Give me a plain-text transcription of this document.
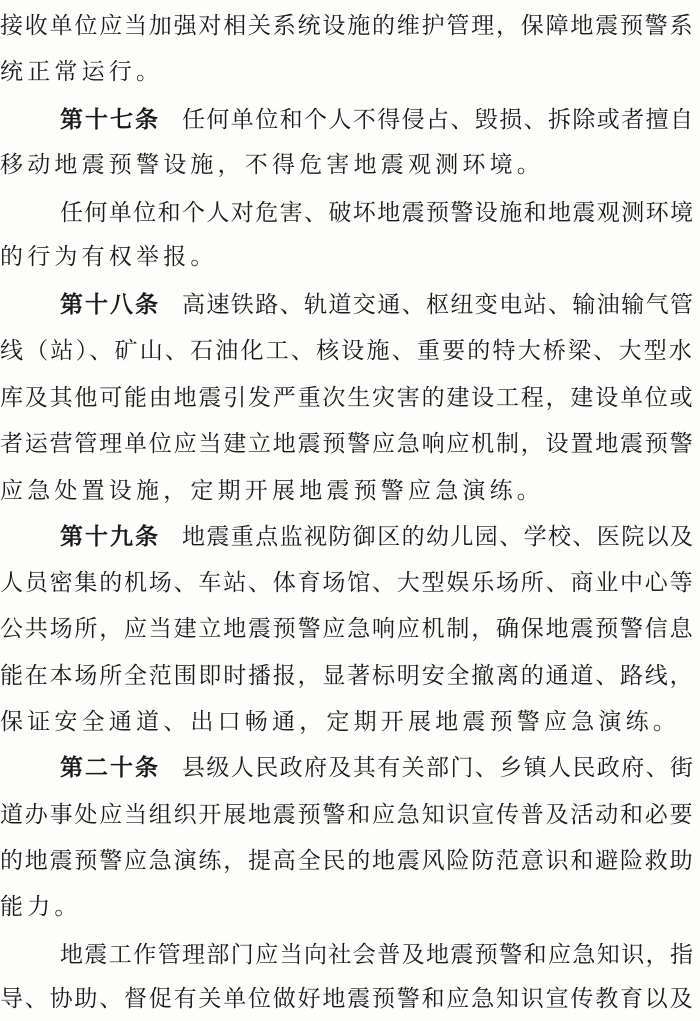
接收单位应当加强对相关系统设施的维护管理，保障地震预警系
统正常运行。
第十七条 任何单位和个人不得侵占、毁损、拆除或者擅自
移动地震预警设施，不得危害地震观测环境。
任何单位和个人对危害、破坏地震预警设施和地震观测环境
的行为有权举报。
第十八条 高速铁路、轨道交通、枢纽变电站、输油输气管
线（站）、矿山、石油化工、核设施、重要的特大桥梁、大型水
库及其他可能由地震引发严重次生灾害的建设工程，建设单位或
者运营管理单位应当建立地震预警应急响应机制，设置地震预警
应急处置设施，定期开展地震预警应急演练。
第十九条 地震重点监视防御区的幼儿园、学校、医院以及
人员密集的机场、车站、体育场馆、大型娱乐场所、商业中心等
公共场所，应当建立地震预警应急响应机制，确保地震预警信息
能在本场所全范围即时播报，显著标明安全撤离的通道、路线，
保证安全通道、出口畅通，定期开展地震预警应急演练。
第二十条 县级人民政府及其有关部门、乡镇人民政府、街
道办事处应当组织开展地震预警和应急知识宣传普及活动和必要
的地震预警应急演练，提高全民的地震风险防范意识和避险救助
能力。
地震工作管理部门应当向社会普及地震预警和应急知识，指
导、协助、督促有关单位做好地震预警和应急知识宣传教育以及
